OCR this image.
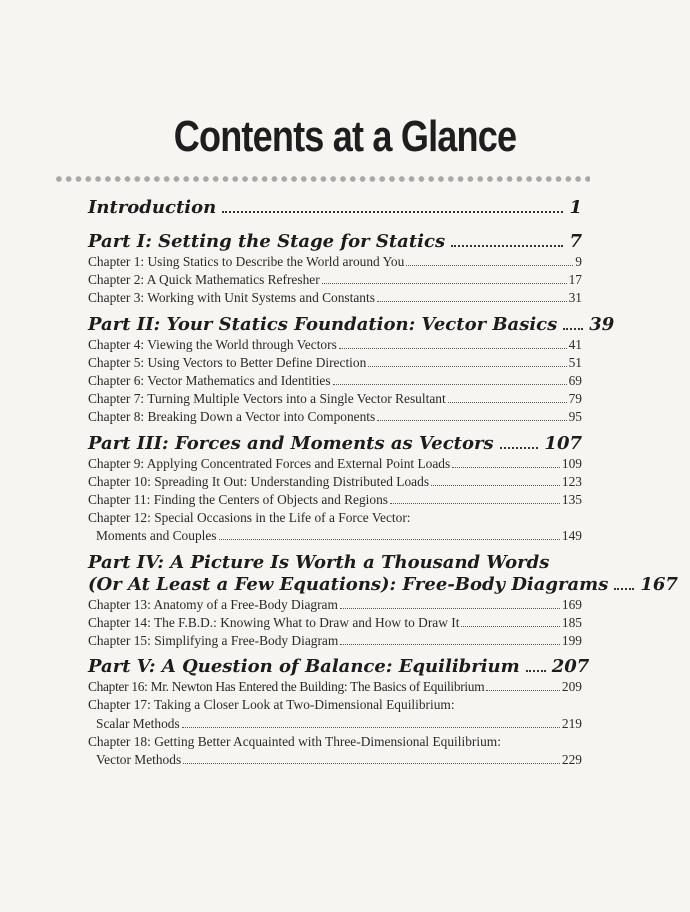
Contents at a Glance
Introduction	1
Part I: Setting the Stage for Statics	7
Chapter 1: Using Statics to Describe the World around You	9
Chapter 2: A Quick Mathematics Refresher	17
Chapter 3: Working with Unit Systems and Constants	31
Part II: Your Statics Foundation: Vector Basics 39
Chapter 4: Viewing the World through Vectors	41
Chapter 5: Using Vectors to Better Define Direction	51
Chapter 6: Vector Mathematics and Identities	69
Chapter 7: Turning Multiple Vectors into a Single Vector Resultant	79
Chapter 8: Breaking Down a Vector into Components	95
Part III: Forces and Moments as Vectors	107
Chapter 9: Applying Concentrated Forces and External Point Loads	109
Chapter 10: Spreading It Out: Understanding Distributed Loads	123
Chapter 11: Finding the Centers of Objects and Regions	135
Chapter 12: Special Occasions in the Life of a Force Vector:
Moments and Couples	149
Part IV: A Picture Is Worth a Thousand Words
(Or At Least a Few Equations): Free-Body Diagrams 167
Chapter 13: Anatomy of a Free-Body Diagram	169
Chapter 14: The F.B.D.: Knowing What to Draw and How to Draw It	185
Chapter 15: Simplifying a Free-Body Diagram	199
Part V: A Question of Balance: Equilibrium 207
Chapter 16: Mr. Newton Has Entered the Building: The Basics of Equilibrium	209
Chapter 17: Taking a Closer Look at Two-Dimensional Equilibrium:
Scalar Methods	219
Chapter 18: Getting Better Acquainted with Three-Dimensional Equilibrium:
Vector Methods	229
